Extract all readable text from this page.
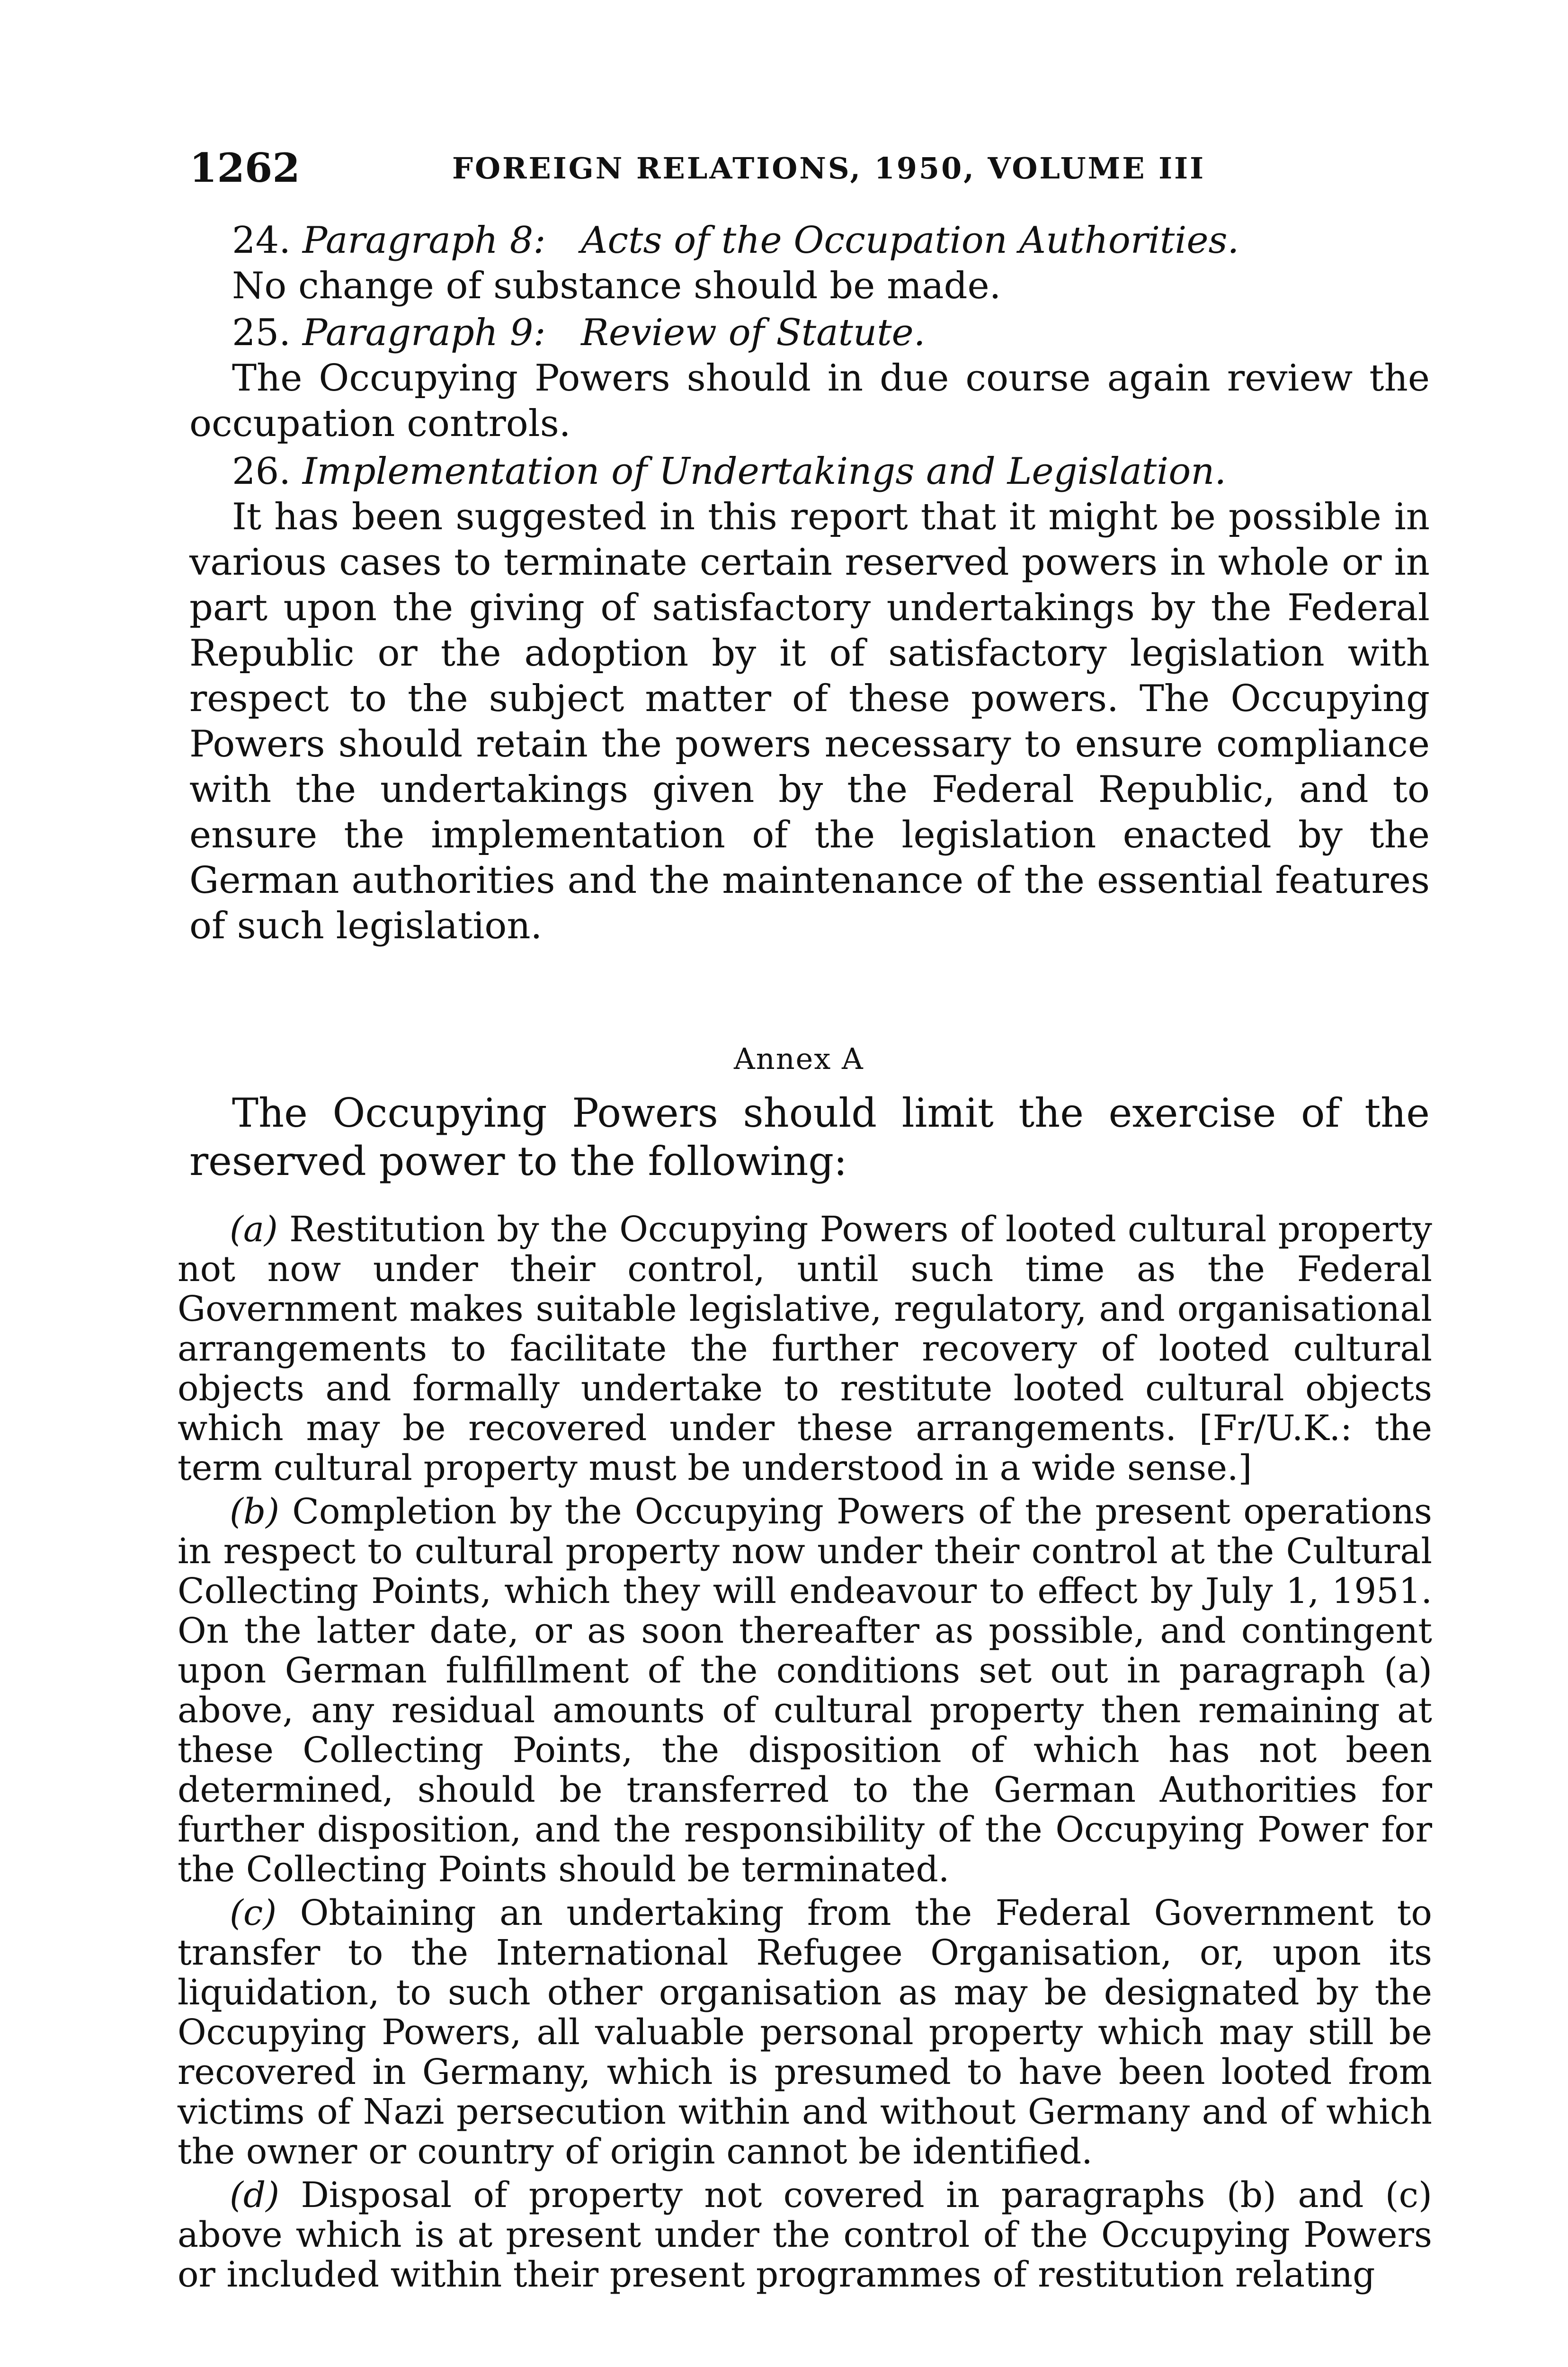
1262	FOREIGN RELATIONS, 1950, VOLUME III

24. Paragraph 8: Acts of the Occupation Authorities.

No change of substance should be made.

25. Paragraph 9: Review of Statute.

The Occupying Powers should in due course again review the occupation controls.

26. Implementation of Undertakings and Legislation.

It has been suggested in this report that it might be possible in various cases to terminate certain reserved powers in whole or in part upon the giving of satisfactory undertakings by the Federal Republic or the adoption by it of satisfactory legislation with respect to the subject matter of these powers. The Occupying Powers should retain the powers necessary to ensure compliance with the undertakings given by the Federal Republic, and to ensure the implementation of the legislation enacted by the German authorities and the maintenance of the essential features of such legislation.

Annex A

The Occupying Powers should limit the exercise of the reserved power to the following:

(a) Restitution by the Occupying Powers of looted cultural property not now under their control, until such time as the Federal Government makes suitable legislative, regulatory, and organisational arrangements to facilitate the further recovery of looted cultural objects and formally undertake to restitute looted cultural objects which may be recovered under these arrangements. [Fr/U.K.: the term cultural property must be understood in a wide sense.]

(b) Completion by the Occupying Powers of the present operations in respect to cultural property now under their control at the Cultural Collecting Points, which they will endeavour to effect by July 1, 1951. On the latter date, or as soon thereafter as possible, and contingent upon German fulfillment of the conditions set out in paragraph (a) above, any residual amounts of cultural property then remaining at these Collecting Points, the disposition of which has not been determined, should be transferred to the German Authorities for further disposition, and the responsibility of the Occupying Power for the Collecting Points should be terminated.

(c) Obtaining an undertaking from the Federal Government to transfer to the International Refugee Organisation, or, upon its liquidation, to such other organisation as may be designated by the Occupying Powers, all valuable personal property which may still be recovered in Germany, which is presumed to have been looted from victims of Nazi persecution within and without Germany and of which the owner or country of origin cannot be identified.

(d) Disposal of property not covered in paragraphs (b) and (c) above which is at present under the control of the Occupying Powers or included within their present programmes of restitution relating
